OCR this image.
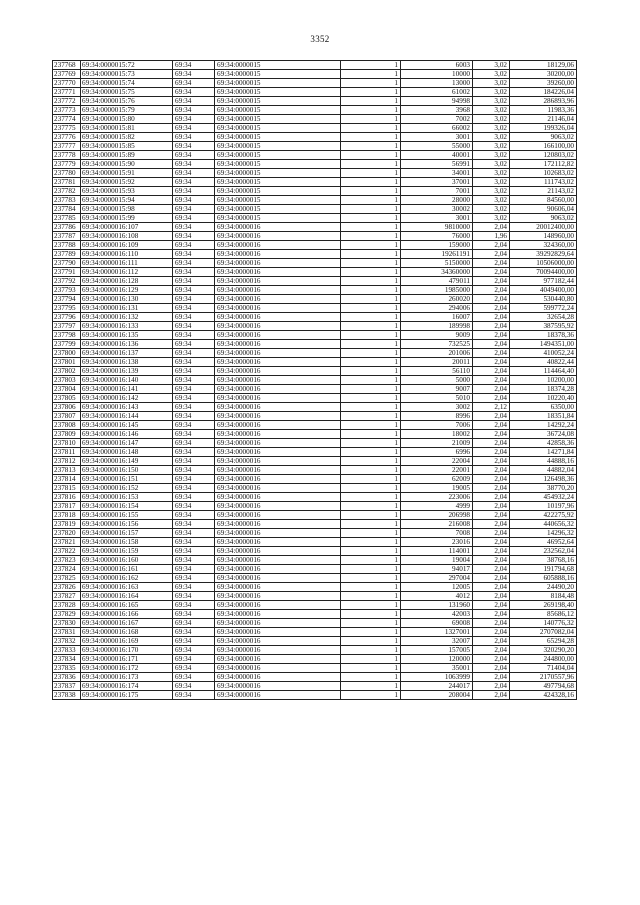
3352
237768	69:34:0000015:72	69:34	69:34:0000015	1	6003	3,02	18129,06
237769	69:34:0000015:73	69:34	69:34:0000015	1	10000	3,02	30200,00
237770	69:34:0000015:74	69:34	69:34:0000015	1	13000	3,02	39260,00
237771	69:34:0000015:75	69:34	69:34:0000015	1	61002	3,02	184226,04
237772	69:34:0000015:76	69:34	69:34:0000015	1	94998	3,02	286893,96
237773	69:34:0000015:79	69:34	69:34:0000015	1	3968	3,02	11983,36
237774	69:34:0000015:80	69:34	69:34:0000015	1	7002	3,02	21146,04
237775	69:34:0000015:81	69:34	69:34:0000015	1	66002	3,02	199326,04
237776	69:34:0000015:82	69:34	69:34:0000015	1	3001	3,02	9063,02
237777	69:34:0000015:85	69:34	69:34:0000015	1	55000	3,02	166100,00
237778	69:34:0000015:89	69:34	69:34:0000015	1	40001	3,02	120803,02
237779	69:34:0000015:90	69:34	69:34:0000015	1	56991	3,02	172112,82
237780	69:34:0000015:91	69:34	69:34:0000015	1	34001	3,02	102683,02
237781	69:34:0000015:92	69:34	69:34:0000015	1	37001	3,02	111743,02
237782	69:34:0000015:93	69:34	69:34:0000015	1	7001	3,02	21143,02
237783	69:34:0000015:94	69:34	69:34:0000015	1	28000	3,02	84560,00
237784	69:34:0000015:98	69:34	69:34:0000015	1	30002	3,02	90606,04
237785	69:34:0000015:99	69:34	69:34:0000015	1	3001	3,02	9063,02
237786	69:34:0000016:107	69:34	69:34:0000016	1	9810000	2,04	20012400,00
237787	69:34:0000016:108	69:34	69:34:0000016	1	76000	1,96	148960,00
237788	69:34:0000016:109	69:34	69:34:0000016	1	159000	2,04	324360,00
237789	69:34:0000016:110	69:34	69:34:0000016	1	19261191	2,04	39292829,64
237790	69:34:0000016:111	69:34	69:34:0000016	1	5150000	2,04	10506000,00
237791	69:34:0000016:112	69:34	69:34:0000016	1	34360000	2,04	70094400,00
237792	69:34:0000016:128	69:34	69:34:0000016	1	479011	2,04	977182,44
237793	69:34:0000016:129	69:34	69:34:0000016	1	1985000	2,04	4049400,00
237794	69:34:0000016:130	69:34	69:34:0000016	1	260020	2,04	530440,80
237795	69:34:0000016:131	69:34	69:34:0000016	1	294006	2,04	599772,24
237796	69:34:0000016:132	69:34	69:34:0000016	1	16007	2,04	32654,28
237797	69:34:0000016:133	69:34	69:34:0000016	1	189998	2,04	387595,92
237798	69:34:0000016:135	69:34	69:34:0000016	1	9009	2,04	18378,36
237799	69:34:0000016:136	69:34	69:34:0000016	1	732525	2,04	1494351,00
237800	69:34:0000016:137	69:34	69:34:0000016	1	201006	2,04	410052,24
237801	69:34:0000016:138	69:34	69:34:0000016	1	20011	2,04	40822,44
237802	69:34:0000016:139	69:34	69:34:0000016	1	56110	2,04	114464,40
237803	69:34:0000016:140	69:34	69:34:0000016	1	5000	2,04	10200,00
237804	69:34:0000016:141	69:34	69:34:0000016	1	9007	2,04	18374,28
237805	69:34:0000016:142	69:34	69:34:0000016	1	5010	2,04	10220,40
237806	69:34:0000016:143	69:34	69:34:0000016	1	3002	2,12	6350,00
237807	69:34:0000016:144	69:34	69:34:0000016	1	8996	2,04	18351,84
237808	69:34:0000016:145	69:34	69:34:0000016	1	7006	2,04	14292,24
237809	69:34:0000016:146	69:34	69:34:0000016	1	18002	2,04	36724,08
237810	69:34:0000016:147	69:34	69:34:0000016	1	21009	2,04	42858,36
237811	69:34:0000016:148	69:34	69:34:0000016	1	6996	2,04	14271,84
237812	69:34:0000016:149	69:34	69:34:0000016	1	22004	2,04	44888,16
237813	69:34:0000016:150	69:34	69:34:0000016	1	22001	2,04	44882,04
237814	69:34:0000016:151	69:34	69:34:0000016	1	62009	2,04	126498,36
237815	69:34:0000016:152	69:34	69:34:0000016	1	19005	2,04	38770,20
237816	69:34:0000016:153	69:34	69:34:0000016	1	223006	2,04	454932,24
237817	69:34:0000016:154	69:34	69:34:0000016	1	4999	2,04	10197,96
237818	69:34:0000016:155	69:34	69:34:0000016	1	206998	2,04	422275,92
237819	69:34:0000016:156	69:34	69:34:0000016	1	216008	2,04	440656,32
237820	69:34:0000016:157	69:34	69:34:0000016	1	7008	2,04	14296,32
237821	69:34:0000016:158	69:34	69:34:0000016	1	23016	2,04	46952,64
237822	69:34:0000016:159	69:34	69:34:0000016	1	114001	2,04	232562,04
237823	69:34:0000016:160	69:34	69:34:0000016	1	19004	2,04	38768,16
237824	69:34:0000016:161	69:34	69:34:0000016	1	94017	2,04	191794,68
237825	69:34:0000016:162	69:34	69:34:0000016	1	297004	2,04	605888,16
237826	69:34:0000016:163	69:34	69:34:0000016	1	12005	2,04	24490,20
237827	69:34:0000016:164	69:34	69:34:0000016	1	4012	2,04	8184,48
237828	69:34:0000016:165	69:34	69:34:0000016	1	131960	2,04	269198,40
237829	69:34:0000016:166	69:34	69:34:0000016	1	42003	2,04	85686,12
237830	69:34:0000016:167	69:34	69:34:0000016	1	69008	2,04	140776,32
237831	69:34:0000016:168	69:34	69:34:0000016	1	1327001	2,04	2707082,04
237832	69:34:0000016:169	69:34	69:34:0000016	1	32007	2,04	65294,28
237833	69:34:0000016:170	69:34	69:34:0000016	1	157005	2,04	320290,20
237834	69:34:0000016:171	69:34	69:34:0000016	1	120000	2,04	244800,00
237835	69:34:0000016:172	69:34	69:34:0000016	1	35001	2,04	71404,04
237836	69:34:0000016:173	69:34	69:34:0000016	1	1063999	2,04	2170557,96
237837	69:34:0000016:174	69:34	69:34:0000016	1	244017	2,04	497794,68
237838	69:34:0000016:175	69:34	69:34:0000016	1	208004	2,04	424328,16
